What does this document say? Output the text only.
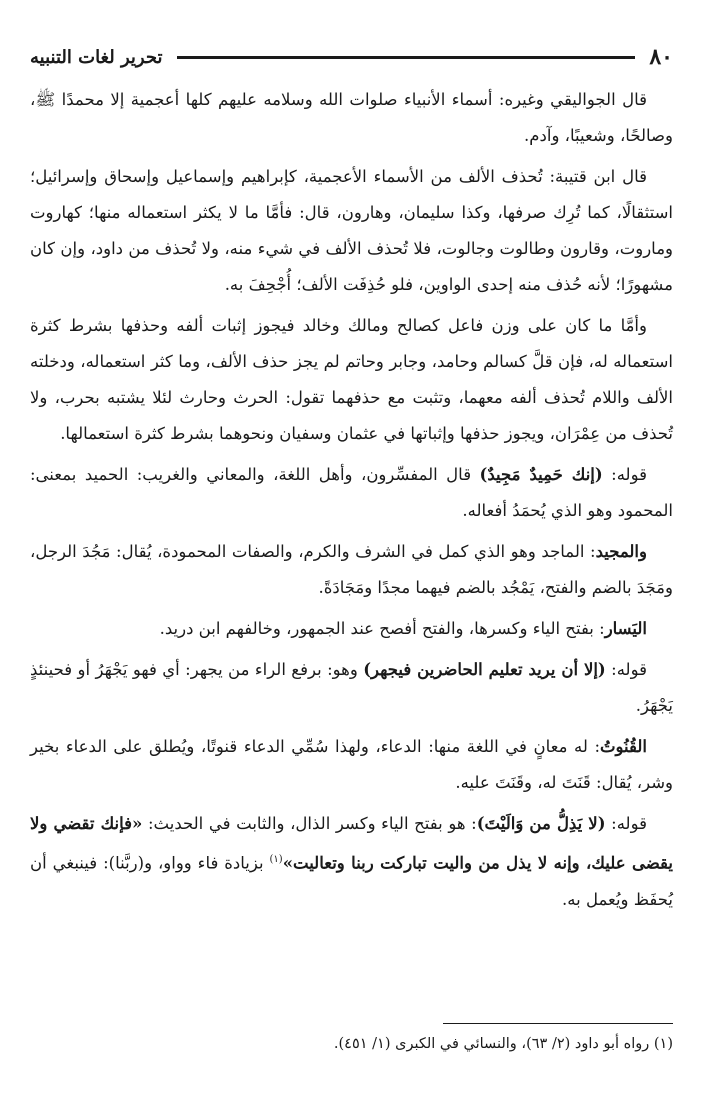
٨٠
تحرير لغات التنبيه

قال الجواليقي وغيره: أسماء الأنبياء صلوات الله وسلامه عليهم كلها أعجمية إلا محمدًا ﷺ، وصالحًا، وشعيبًا، وآدم.

قال ابن قتيبة: تُحذف الألف من الأسماء الأعجمية، كإبراهيم وإسماعيل وإسحاق وإسرائيل؛ استثقالًا، كما تُرِك صرفها، وكذا سليمان، وهارون، قال: فأمَّا ما لا يكثر استعماله منها؛ كهاروت وماروت، وقارون وطالوت وجالوت، فلا تُحذف الألف في شيء منه، ولا تُحذف من داود، وإن كان مشهورًا؛ لأنه حُذف منه إحدى الواوين، فلو حُذِفَت الألف؛ أُجْحِفَ به.

وأمَّا ما كان على وزن فاعل كصالح ومالك وخالد فيجوز إثبات ألفه وحذفها بشرط كثرة استعماله له، فإن قلَّ كسالم وحامد، وجابر وحاتم لم يجز حذف الألف، وما كثر استعماله، ودخلته الألف واللام تُحذف ألفه معهما، وتثبت مع حذفهما تقول: الحرث وحارث لئلا يشتبه بحرب، ولا تُحذف من عِمْرَان، ويجوز حذفها وإثباتها في عثمان وسفيان ونحوهما بشرط كثرة استعمالها.

قوله: (إنك حَمِيدٌ مَجِيدٌ) قال المفسِّرون، وأهل اللغة، والمعاني والغريب: الحميد بمعنى: المحمود وهو الذي يُحمَدُ أفعاله.

والمجيد: الماجد وهو الذي كمل في الشرف والكرم، والصفات المحمودة، يُقال: مَجُدَ الرجل، ومَجَدَ بالضم والفتح، يَمْجُد بالضم فيهما مجدًا ومَجَادَةً.

اليَسار: بفتح الياء وكسرها، والفتح أفصح عند الجمهور، وخالفهم ابن دريد.

قوله: (إلا أن يريد تعليم الحاضرين فيجهر) وهو: برفع الراء من يجهر: أي فهو يَجْهَرُ أو فحينئذٍ يَجْهَرُ.

القُنُوتُ: له معانٍ في اللغة منها: الدعاء، ولهذا سُمِّي الدعاء قنوتًا، ويُطلق على الدعاء بخير وشر، يُقال: قَنَتَ له، وقَنَتَ عليه.

قوله: (لا يَذِلُّ من وَالَيْتَ): هو بفتح الياء وكسر الذال، والثابت في الحديث: «فإنك تقضي ولا يقضى عليك، وإنه لا يذل من واليت تباركت ربنا وتعاليت»$^{(١)}$ بزيادة فاء وواو، و(ربَّنا): فينبغي أن يُحفَظ ويُعمل به.

(١) رواه أبو داود (٢/ ٦٣)، والنسائي في الكبرى (١/ ٤٥١).
